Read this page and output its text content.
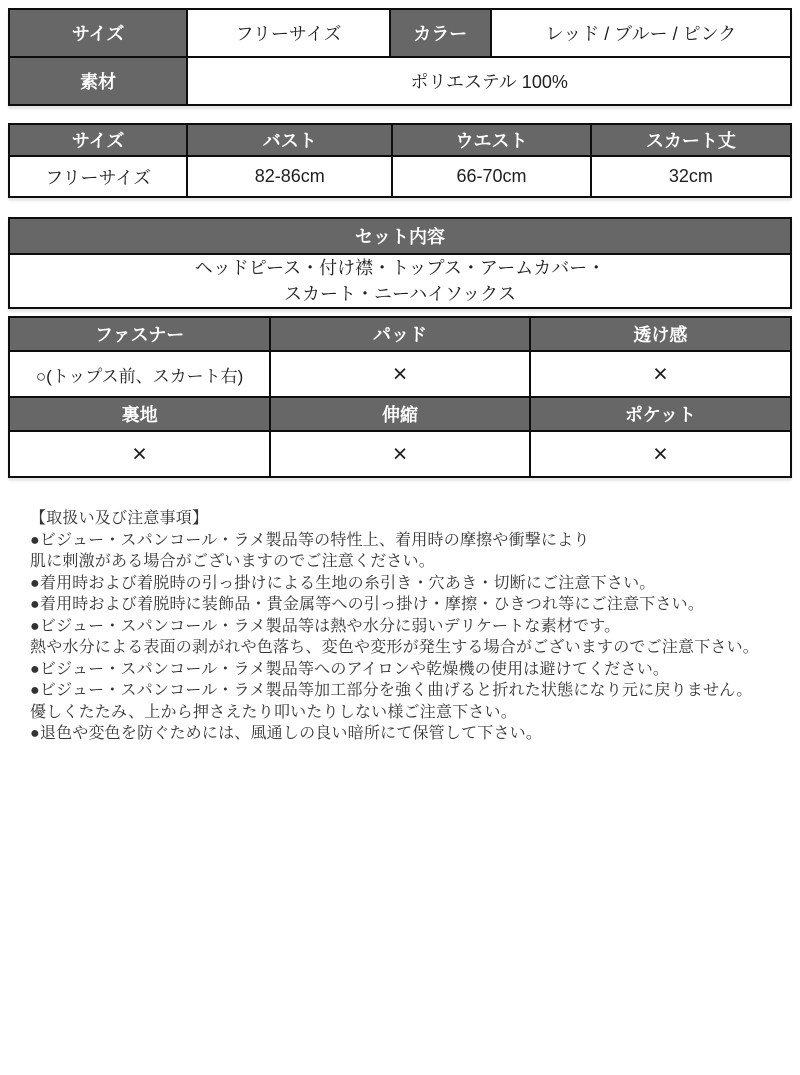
サイズ	フリーサイズ	カラー	レッド / ブルー / ピンク
素材	ポリエステル 100%		
サイズ	バスト	ウエスト	スカート丈
フリーサイズ	82-86cm	66-70cm	32cm
セット内容

ヘッドピース・付け襟・トップス・アームカバー・
スカート・ニーハイソックス
ファスナー	パッド	透け感
○(トップス前、スカート右)	×	×
裏地	伸縮	ポケット
×	×	×
【取扱い及び注意事項】
●ビジュー・スパンコール・ラメ製品等の特性上、着用時の摩擦や衝撃により
肌に刺激がある場合がございますのでご注意ください。
●着用時および着脱時の引っ掛けによる生地の糸引き・穴あき・切断にご注意下さい。
●着用時および着脱時に装飾品・貴金属等への引っ掛け・摩擦・ひきつれ等にご注意下さい。
●ビジュー・スパンコール・ラメ製品等は熱や水分に弱いデリケートな素材です。
熱や水分による表面の剥がれや色落ち、変色や変形が発生する場合がございますのでご注意下さい。
●ビジュー・スパンコール・ラメ製品等へのアイロンや乾燥機の使用は避けてください。
●ビジュー・スパンコール・ラメ製品等加工部分を強く曲げると折れた状態になり元に戻りません。
優しくたたみ、上から押さえたり叩いたりしない様ご注意下さい。
●退色や変色を防ぐためには、風通しの良い暗所にて保管して下さい。
